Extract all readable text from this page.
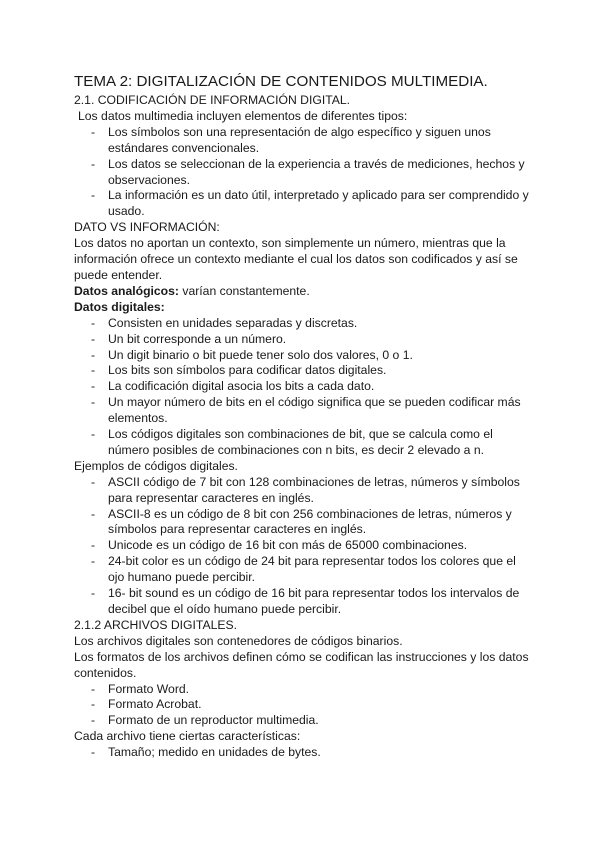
TEMA 2: DIGITALIZACIÓN DE CONTENIDOS MULTIMEDIA.

2.1. CODIFICACIÓN DE INFORMACIÓN DIGITAL.

Los datos multimedia incluyen elementos de diferentes tipos:

- Los símbolos son una representación de algo específico y siguen unos estándares convencionales.
- Los datos se seleccionan de la experiencia a través de mediciones, hechos y observaciones.
- La información es un dato útil, interpretado y aplicado para ser comprendido y usado.

DATO VS INFORMACIÓN:

Los datos no aportan un contexto, son simplemente un número, mientras que la información ofrece un contexto mediante el cual los datos son codificados y así se puede entender.

Datos analógicos: varían constantemente.

Datos digitales:

- Consisten en unidades separadas y discretas.
- Un bit corresponde a un número.
- Un digit binario o bit puede tener solo dos valores, 0 o 1.
- Los bits son símbolos para codificar datos digitales.
- La codificación digital asocia los bits a cada dato.
- Un mayor número de bits en el código significa que se pueden codificar más elementos.
- Los códigos digitales son combinaciones de bit, que se calcula como el número posibles de combinaciones con n bits, es decir 2 elevado a n.

Ejemplos de códigos digitales.

- ASCII código de 7 bit con 128 combinaciones de letras, números y símbolos para representar caracteres en inglés.
- ASCII-8 es un código de 8 bit con 256 combinaciones de letras, números y símbolos para representar caracteres en inglés.
- Unicode es un código de 16 bit con más de 65000 combinaciones.
- 24-bit color es un código de 24 bit para representar todos los colores que el ojo humano puede percibir.
- 16- bit sound es un código de 16 bit para representar todos los intervalos de decibel que el oído humano puede percibir.

2.1.2 ARCHIVOS DIGITALES.

Los archivos digitales son contenedores de códigos binarios.

Los formatos de los archivos definen cómo se codifican las instrucciones y los datos contenidos.

- Formato Word.
- Formato Acrobat.
- Formato de un reproductor multimedia.

Cada archivo tiene ciertas características:

- Tamaño; medido en unidades de bytes.
